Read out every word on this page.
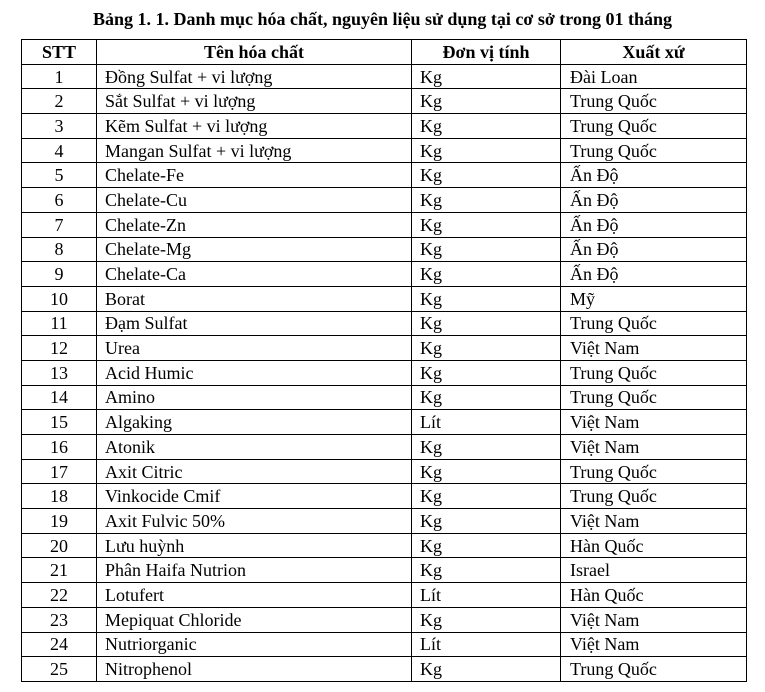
Bảng 1. 1. Danh mục hóa chất, nguyên liệu sử dụng tại cơ sở trong 01 tháng
STT	Tên hóa chất	Đơn vị tính	Xuất xứ
1	Đồng Sulfat + vi lượng	Kg	Đài Loan
2	Sắt Sulfat + vi lượng	Kg	Trung Quốc
3	Kẽm Sulfat + vi lượng	Kg	Trung Quốc
4	Mangan Sulfat + vi lượng	Kg	Trung Quốc
5	Chelate-Fe	Kg	Ấn Độ
6	Chelate-Cu	Kg	Ấn Độ
7	Chelate-Zn	Kg	Ấn Độ
8	Chelate-Mg	Kg	Ấn Độ
9	Chelate-Ca	Kg	Ấn Độ
10	Borat	Kg	Mỹ
11	Đạm Sulfat	Kg	Trung Quốc
12	Urea	Kg	Việt Nam
13	Acid Humic	Kg	Trung Quốc
14	Amino	Kg	Trung Quốc
15	Algaking	Lít	Việt Nam
16	Atonik	Kg	Việt Nam
17	Axit Citric	Kg	Trung Quốc
18	Vinkocide Cmif	Kg	Trung Quốc
19	Axit Fulvic 50%	Kg	Việt Nam
20	Lưu huỳnh	Kg	Hàn Quốc
21	Phân Haifa Nutrion	Kg	Israel
22	Lotufert	Lít	Hàn Quốc
23	Mepiquat Chloride	Kg	Việt Nam
24	Nutriorganic	Lít	Việt Nam
25	Nitrophenol	Kg	Trung Quốc
